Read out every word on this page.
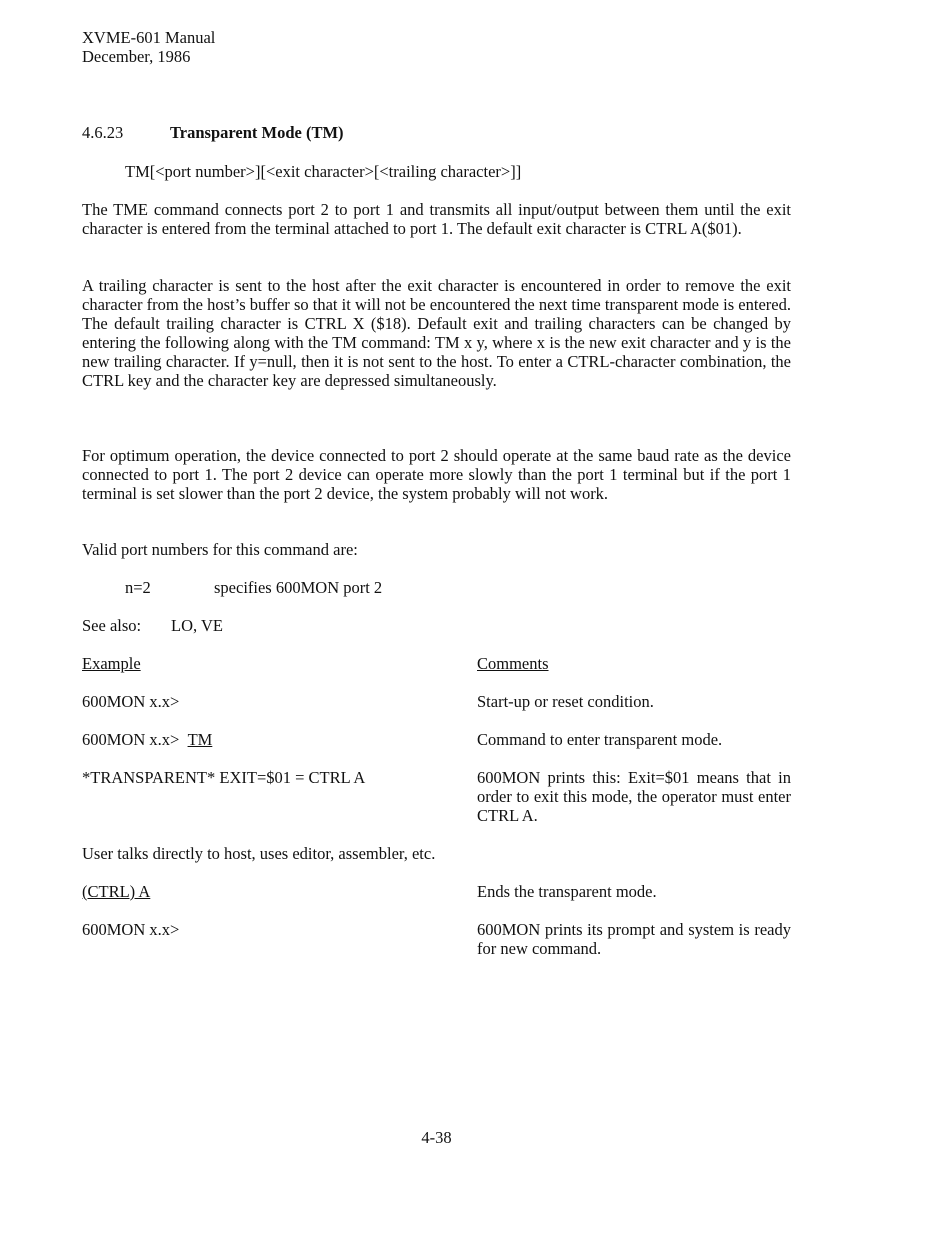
XVME-601 Manual
December, 1986
4.6.23	Transparent Mode (TM)
TM[<port number>][<exit character>[<trailing character>]]

The TME command connects port 2 to port 1 and transmits all input/output between them until the exit character is entered from the terminal attached to port 1. The default exit character is CTRL A($01).

A trailing character is sent to the host after the exit character is encountered in order to remove the exit character from the host’s buffer so that it will not be encountered the next time transparent mode is entered. The default trailing character is CTRL X ($18). Default exit and trailing characters can be changed by entering the following along with the TM command: TM x y, where x is the new exit character and y is the new trailing character. If y=null, then it is not sent to the host. To enter a CTRL-character combination, the CTRL key and the character key are depressed simultaneously.

For optimum operation, the device connected to port 2 should operate at the same baud rate as the device connected to port 1. The port 2 device can operate more slowly than the port 1 terminal but if the port 1 terminal is set slower than the port 2 device, the system probably will not work.

Valid port numbers for this command are:

n=2	specifies 600MON port 2
See also: LO, VE
Example	Comments
600MON x.x>	Start-up or reset condition.
600MON x.x> TM	Command to enter transparent mode.
*TRANSPARENT* EXIT=$01 = CTRL A	600MON prints this: Exit=$01 means that in order to exit this mode, the operator must enter CTRL A.
User talks directly to host, uses editor, assembler, etc.
(CTRL) A	Ends the transparent mode.
600MON x.x>	600MON prints its prompt and system is ready for new command.
4-38
